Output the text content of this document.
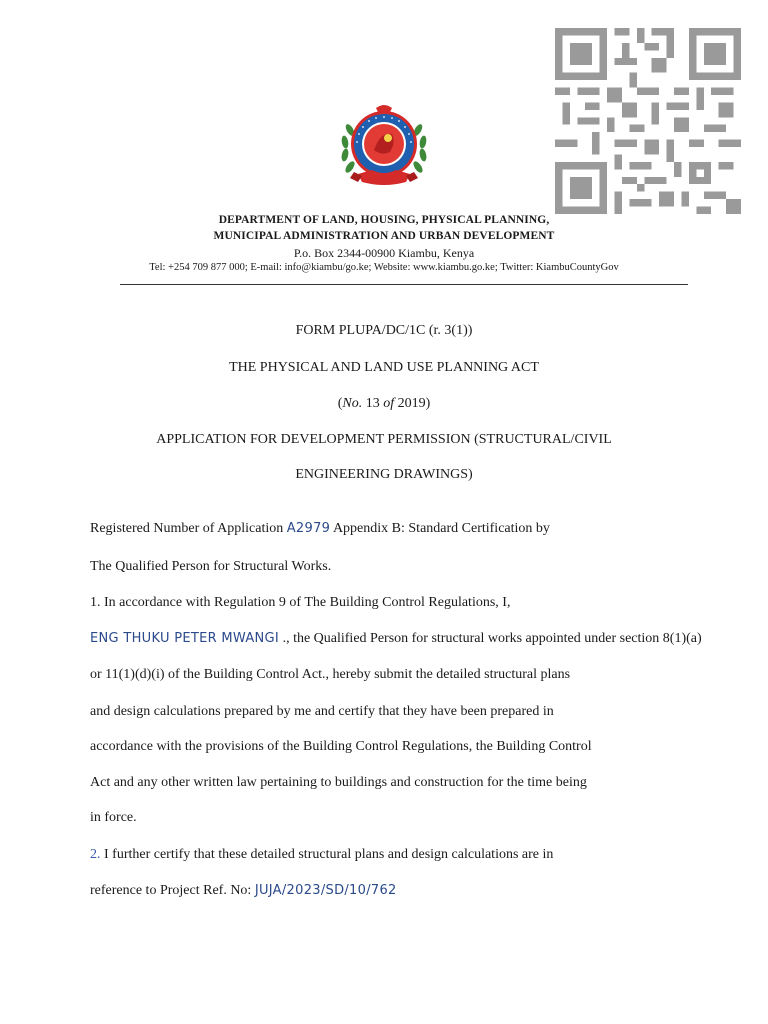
DEPARTMENT OF LAND, HOUSING, PHYSICAL PLANNING,
MUNICIPAL ADMINISTRATION AND URBAN DEVELOPMENT
P.o. Box 2344-00900 Kiambu, Kenya
Tel: +254 709 877 000; E-mail: info@kiambu/go.ke; Website: www.kiambu.go.ke; Twitter: KiambuCountyGov
FORM PLUPA/DC/1C (r. 3(1))
THE PHYSICAL AND LAND USE PLANNING ACT
(No. 13 of 2019)
APPLICATION FOR DEVELOPMENT PERMISSION (STRUCTURAL/CIVIL
ENGINEERING DRAWINGS)
Registered Number of Application A2979 Appendix B: Standard Certification by
The Qualified Person for Structural Works.
1. In accordance with Regulation 9 of The Building Control Regulations, I,
ENG THUKU PETER MWANGI ., the Qualified Person for structural works appointed under section 8(1)(a)
or 11(1)(d)(i) of the Building Control Act., hereby submit the detailed structural plans
and design calculations prepared by me and certify that they have been prepared in
accordance with the provisions of the Building Control Regulations, the Building Control
Act and any other written law pertaining to buildings and construction for the time being
in force.
2. I further certify that these detailed structural plans and design calculations are in
reference to Project Ref. No: JUJA/2023/SD/10/762
